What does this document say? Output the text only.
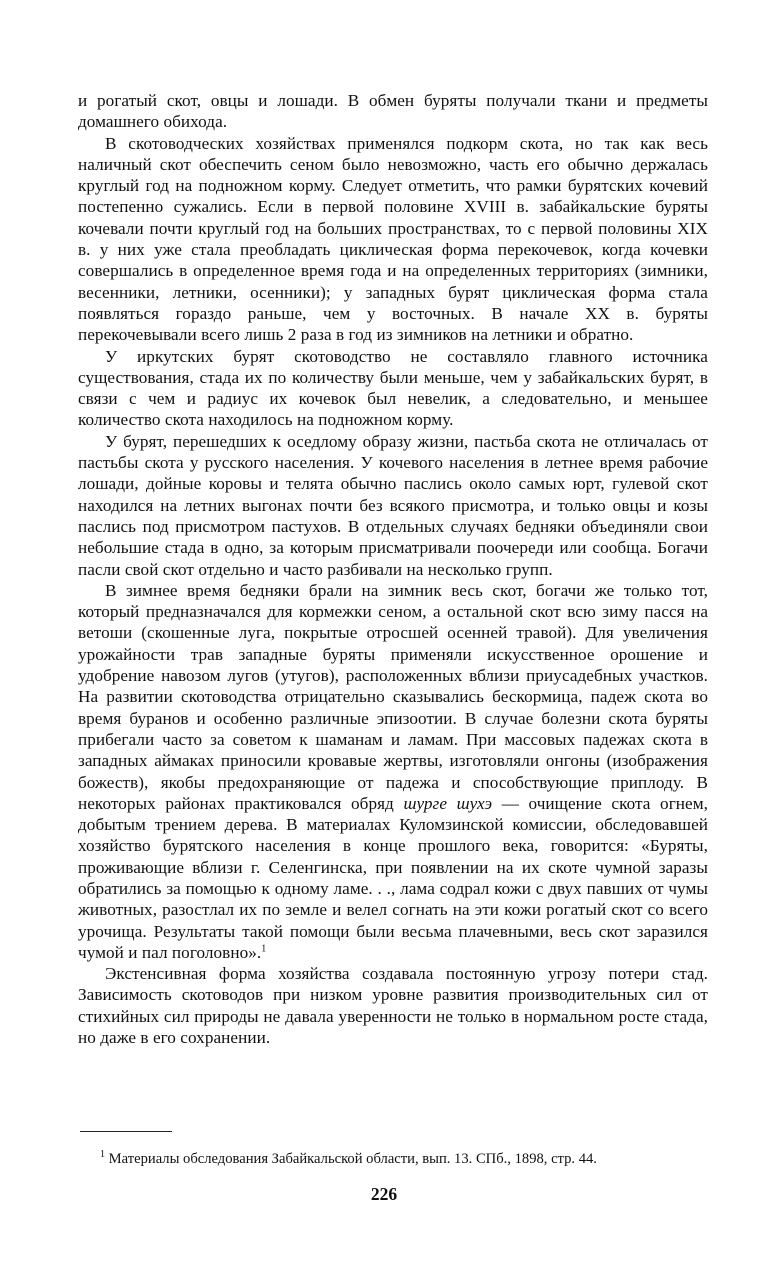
и рогатый скот, овцы и лошади. В обмен буряты получали ткани и предметы домашнего обихода.

В скотоводческих хозяйствах применялся подкорм скота, но так как весь наличный скот обеспечить сеном было невозможно, часть его обычно держалась круглый год на подножном корму. Следует отметить, что рамки бурятских кочевий постепенно сужались. Если в первой половине XVIII в. забайкальские буряты кочевали почти круглый год на больших пространствах, то с первой половины XIX в. у них уже стала преобладать циклическая форма перекочевок, когда кочевки совершались в определенное время года и на определенных территориях (зимники, весенники, летники, осенники); у западных бурят циклическая форма стала появляться гораздо раньше, чем у восточных. В начале XX в. буряты перекочевывали всего лишь 2 раза в год из зимников на летники и обратно.

У иркутских бурят скотоводство не составляло главного источника существования, стада их по количеству были меньше, чем у забайкальских бурят, в связи с чем и радиус их кочевок был невелик, а следовательно, и меньшее количество скота находилось на подножном корму.

У бурят, перешедших к оседлому образу жизни, пастьба скота не отличалась от пастьбы скота у русского населения. У кочевого населения в летнее время рабочие лошади, дойные коровы и телята обычно паслись около самых юрт, гулевой скот находился на летних выгонах почти без всякого присмотра, и только овцы и козы паслись под присмотром пастухов. В отдельных случаях бедняки объединяли свои небольшие стада в одно, за которым присматривали поочереди или сообща. Богачи пасли свой скот отдельно и часто разбивали на несколько групп.

В зимнее время бедняки брали на зимник весь скот, богачи же только тот, который предназначался для кормежки сеном, а остальной скот всю зиму пасся на ветоши (скошенные луга, покрытые отросшей осенней травой). Для увеличения урожайности трав западные буряты применяли искусственное орошение и удобрение навозом лугов (утугов), расположенных вблизи приусадебных участков. На развитии скотоводства отрицательно сказывались бескормица, падеж скота во время буранов и особенно различные эпизоотии. В случае болезни скота буряты прибегали часто за советом к шаманам и ламам. При массовых падежах скота в западных аймаках приносили кровавые жертвы, изготовляли онгоны (изображения божеств), якобы предохраняющие от падежа и способствующие приплоду. В некоторых районах практиковался обряд шурге шухэ — очищение скота огнем, добытым трением дерева. В материалах Куломзинской комиссии, обследовавшей хозяйство бурятского населения в конце прошлого века, говорится: «Буряты, проживающие вблизи г. Селенгинска, при появлении на их скоте чумной заразы обратились за помощью к одному ламе. . ., лама содрал кожи с двух павших от чумы животных, разостлал их по земле и велел согнать на эти кожи рогатый скот со всего урочища. Результаты такой помощи были весьма плачевными, весь скот заразился чумой и пал поголовно».$^1$

Экстенсивная форма хозяйства создавала постоянную угрозу потери стад. Зависимость скотоводов при низком уровне развития производительных сил от стихийных сил природы не давала уверенности не только в нормальном росте стада, но даже в его сохранении.

$^1$ Материалы обследования Забайкальской области, вып. 13. СПб., 1898, стр. 44.
226
